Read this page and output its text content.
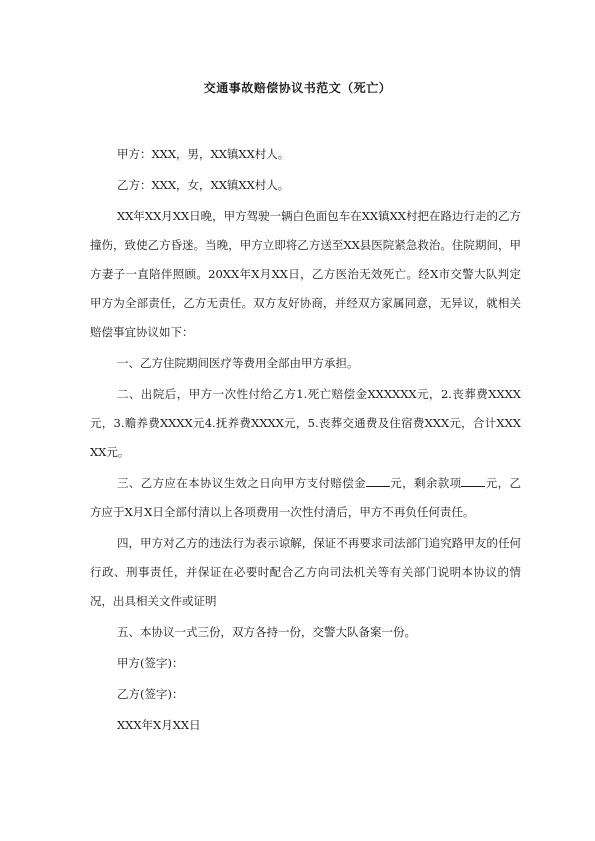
交通事故赔偿协议书范文（死亡）

甲方：XXX，男，XX镇XX村人。

乙方：XXX，女，XX镇XX村人。

XX年XX月XX日晚，甲方驾驶一辆白色面包车在XX镇XX村把在路边行走的乙方撞伤，致使乙方昏迷。当晚，甲方立即将乙方送至XX县医院紧急救治。住院期间，甲方妻子一直陪伴照顾。20XX年X月XX日，乙方医治无效死亡。经X市交警大队判定甲方为全部责任，乙方无责任。双方友好协商，并经双方家属同意，无异议，就相关赔偿事宜协议如下：

一、乙方住院期间医疗等费用全部由甲方承担。

二、出院后，甲方一次性付给乙方1.死亡赔偿金XXXXXX元，2.丧葬费XXXX元，3.赡养费XXXX元4.抚养费XXXX元，5.丧葬交通费及住宿费XXX元，合计XXXXX元。

三、乙方应在本协议生效之日向甲方支付赔偿金 元，剩余款项 元，乙方应于X月X日全部付清以上各项费用一次性付清后，甲方不再负任何责任。

四，甲方对乙方的违法行为表示谅解，保证不再要求司法部门追究路甲友的任何行政、刑事责任，并保证在必要时配合乙方向司法机关等有关部门说明本协议的情况，出具相关文件或证明

五、本协议一式三份，双方各持一份，交警大队备案一份。

甲方(签字)：

乙方(签字)：

XXX年X月XX日
